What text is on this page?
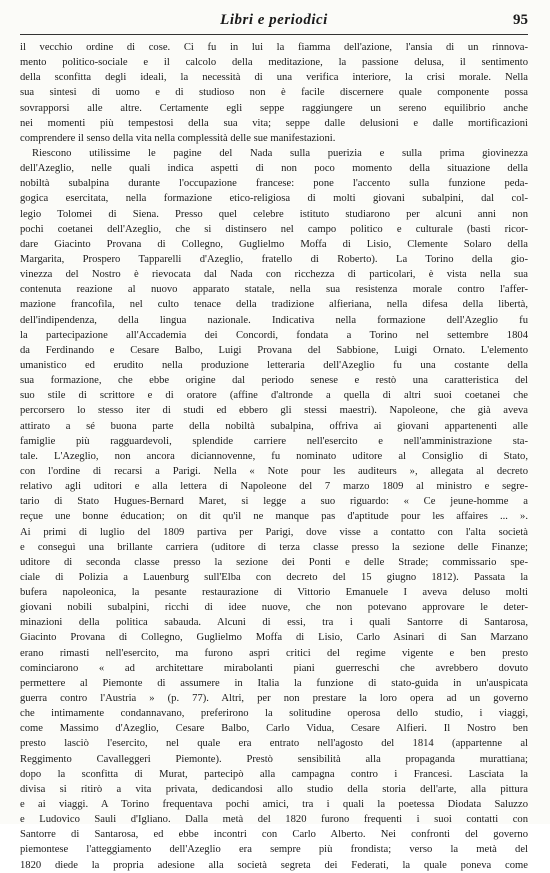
Libri e periodici	95
il vecchio ordine di cose. Ci fu in lui la fiamma dell'azione, l'ansia di un rinnova-
mento politico-sociale e il calcolo della meditazione, la passione delusa, il sentimento
della sconfitta degli ideali, la necessità di una verifica interiore, la crisi morale. Nella
sua sintesi di uomo e di studioso non è facile discernere quale componente possa
sovrapporsi alle altre. Certamente egli seppe raggiungere un sereno equilibrio anche
nei momenti più tempestosi della sua vita; seppe dalle delusioni e dalle mortificazioni
comprendere il senso della vita nella complessità delle sue manifestazioni.
Riescono utilissime le pagine del Nada sulla puerizia e sulla prima giovinezza
dell'Azeglio, nelle quali indica aspetti di non poco momento della situazione della
nobiltà subalpina durante l'occupazione francese: pone l'accento sulla funzione peda-
gogica esercitata, nella formazione etico-religiosa di molti giovani subalpini, dal col-
legio Tolomei di Siena. Presso quel celebre istituto studiarono per alcuni anni non
pochi coetanei dell'Azeglio, che si distinsero nel campo politico e culturale (basti ricor-
dare Giacinto Provana di Collegno, Guglielmo Moffa di Lisio, Clemente Solaro della
Margarita, Prospero Tapparelli d'Azeglio, fratello di Roberto). La Torino della gio-
vinezza del Nostro è rievocata dal Nada con ricchezza di particolari, è vista nella sua
contenuta reazione al nuovo apparato statale, nella sua resistenza morale contro l'affer-
mazione francofila, nel culto tenace della tradizione alfieriana, nella difesa della libertà,
dell'indipendenza, della lingua nazionale. Indicativa nella formazione dell'Azeglio fu
la partecipazione all'Accademia dei Concordi, fondata a Torino nel settembre 1804
da Ferdinando e Cesare Balbo, Luigi Provana del Sabbione, Luigi Ornato. L'elemento
umanistico ed erudito nella produzione letteraria dell'Azeglio fu una costante della
sua formazione, che ebbe origine dal periodo senese e restò una caratteristica del
suo stile di scrittore e di oratore (affine d'altronde a quella di altri suoi coetanei che
percorsero lo stesso iter di studi ed ebbero gli stessi maestri). Napoleone, che già aveva
attirato a sé buona parte della nobiltà subalpina, offriva ai giovani appartenenti alle
famiglie più ragguardevoli, splendide carriere nell'esercito e nell'amministrazione sta-
tale. L'Azeglio, non ancora diciannovenne, fu nominato uditore al Consiglio di Stato,
con l'ordine di recarsi a Parigi. Nella « Note pour les auditeurs », allegata al decreto
relativo agli uditori e alla lettera di Napoleone del 7 marzo 1809 al ministro e segre-
tario di Stato Hugues-Bernard Maret, si legge a suo riguardo: « Ce jeune-homme a
reçue une bonne éducation; on dit qu'il ne manque pas d'aptitude pour les affaires ... ».
Ai primi di luglio del 1809 partiva per Parigi, dove visse a contatto con l'alta società
e conseguì una brillante carriera (uditore di terza classe presso la sezione delle Finanze;
uditore di seconda classe presso la sezione dei Ponti e delle Strade; commissario spe-
ciale di Polizia a Lauenburg sull'Elba con decreto del 15 giugno 1812). Passata la
bufera napoleonica, la pesante restaurazione di Vittorio Emanuele I aveva deluso molti
giovani nobili subalpini, ricchi di idee nuove, che non potevano approvare le deter-
minazioni della politica sabauda. Alcuni di essi, tra i quali Santorre di Santarosa,
Giacinto Provana di Collegno, Guglielmo Moffa di Lisio, Carlo Asinari di San Marzano
erano rimasti nell'esercito, ma furono aspri critici del regime vigente e ben presto
cominciarono « ad architettare mirabolanti piani guerreschi che avrebbero dovuto
permettere al Piemonte di assumere in Italia la funzione di stato-guida in un'auspicata
guerra contro l'Austria » (p. 77). Altri, per non prestare la loro opera ad un governo
che intimamente condannavano, preferirono la solitudine operosa dello studio, i viaggi,
come Massimo d'Azeglio, Cesare Balbo, Carlo Vidua, Cesare Alfieri. Il Nostro ben
presto lasciò l'esercito, nel quale era entrato nell'agosto del 1814 (appartenne al
Reggimento Cavalleggeri Piemonte). Prestò sensibilità alla propaganda murattiana;
dopo la sconfitta di Murat, partecipò alla campagna contro i Francesi. Lasciata la
divisa si ritirò a vita privata, dedicandosi allo studio della storia dell'arte, alla pittura
e ai viaggi. A Torino frequentava pochi amici, tra i quali la poetessa Diodata Saluzzo
e Ludovico Sauli d'Igliano. Dalla metà del 1820 furono frequenti i suoi contatti con
Santorre di Santarosa, ed ebbe incontri con Carlo Alberto. Nei confronti del governo
piemontese l'atteggiamento dell'Azeglio era sempre più frondista; verso la metà del
1820 diede la propria adesione alla società segreta dei Federati, la quale poneva come
